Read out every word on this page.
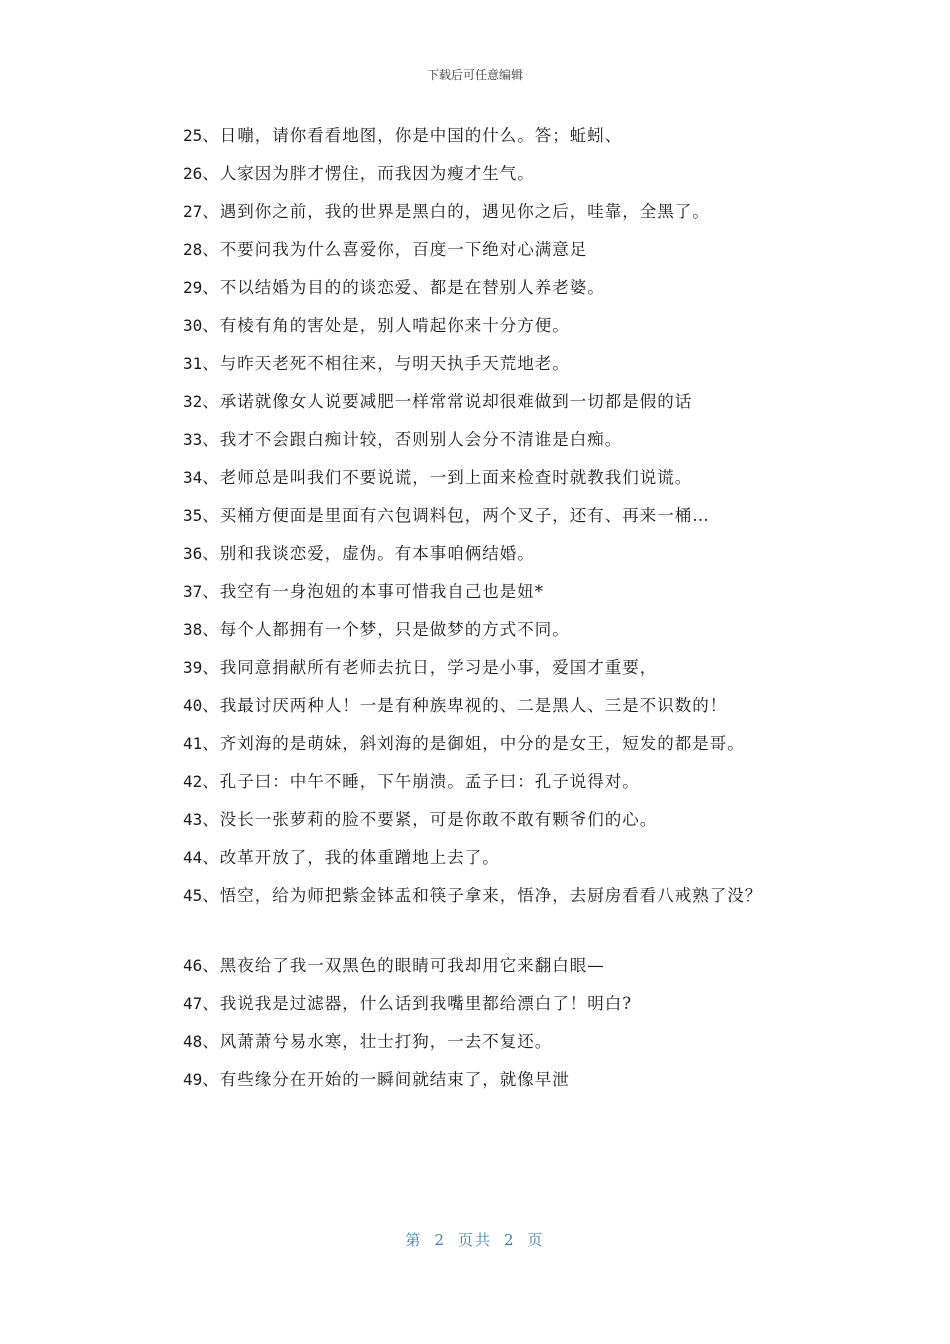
下载后可任意编辑
25、日嘣，请你看看地图，你是中国的什么。答；蚯蚓、
26、人家因为胖才愣住，而我因为瘦才生气。
27、遇到你之前，我的世界是黑白的，遇见你之后，哇靠，全黑了。
28、不要问我为什么喜爱你，百度一下绝对心满意足
29、不以结婚为目的的谈恋爱、都是在替别人养老婆。
30、有棱有角的害处是，别人啃起你来十分方便。
31、与昨天老死不相往来，与明天执手天荒地老。
32、承诺就像女人说要减肥一样常常说却很难做到一切都是假的话
33、我才不会跟白痴计较，否则别人会分不清谁是白痴。
34、老师总是叫我们不要说谎，一到上面来检查时就教我们说谎。
35、买桶方便面是里面有六包调料包，两个叉子，还有、再来一桶…
36、别和我谈恋爱，虚伪。有本事咱俩结婚。
37、我空有一身泡妞的本事可惜我自己也是妞*
38、每个人都拥有一个梦，只是做梦的方式不同。
39、我同意捐献所有老师去抗日，学习是小事，爱国才重要，
40、我最讨厌两种人！一是有种族卑视的、二是黑人、三是不识数的！
41、齐刘海的是萌妹，斜刘海的是御姐，中分的是女王，短发的都是哥。
42、孔子曰：中午不睡，下午崩溃。孟子曰：孔子说得对。
43、没长一张萝莉的脸不要紧，可是你敢不敢有颗爷们的心。
44、改革开放了，我的体重蹭地上去了。
45、悟空，给为师把紫金钵盂和筷子拿来，悟净，去厨房看看八戒熟了没？
46、黑夜给了我一双黑色的眼睛可我却用它来翻白眼—
47、我说我是过滤器，什么话到我嘴里都给漂白了！明白?
48、风萧萧兮易水寒，壮士打狗，一去不复还。
49、有些缘分在开始的一瞬间就结束了，就像早泄
第 2 页共 2 页
